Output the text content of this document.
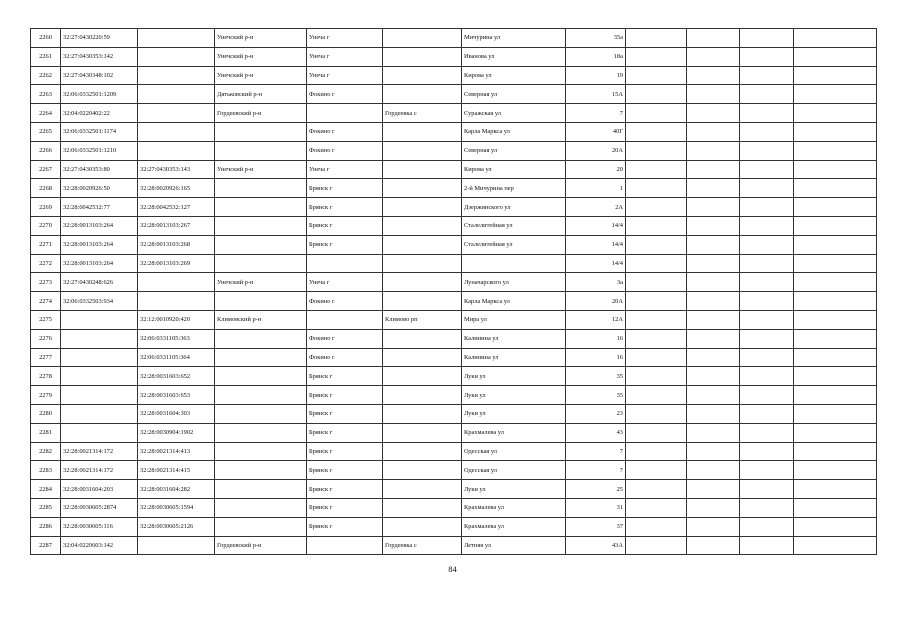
2260	32:27:0430220:59		Унечский р-н	Унеча г		Мичурина ул	35а				
2261	32:27:0430353:142		Унечский р-н	Унеча г		Иванова ул	18а				
2262	32:27:0430348:102		Унечский р-н	Унеча г		Кирова ул	19				
2263	32:06:0332501:1209		Дятьковский р-н	Фокино г		Северная ул	15А				
2264	32:04:0220402:22		Гордеевский р-н		Гордеевка с	Суражская ул	7				
2265	32:06:0332501:1174			Фокино г		Карла Маркса ул	40Г				
2266	32:06:0332501:1210			Фокино г		Северная ул	20А				
2267	32:27:0430353:80	32:27:0430353:143	Унечский р-н	Унеча г		Кирова ул	20				
2268	32:28:0020926:50	32:28:0020926:165		Брянск г		2-й Мичурина пер	1				
2269	32:28:0042532:77	32:28:0042532:127		Брянск г		Дзержинского ул	2А				
2270	32:28:0013103:264	32:28:0013103:267		Брянск г		Сталелитейная ул	14/4				
2271	32:28:0013103:264	32:28:0013103:268		Брянск г		Сталелитейная ул	14/4				
2272	32:28:0013103:264	32:28:0013103:269					14/4				
2273	32:27:0430248:626		Унечский р-н	Унеча г		Луначарского ул	3а				
2274	32:06:0332503:934			Фокино г		Карла Маркса ул	20А				
2275		32:12:0010920:420	Климовский р-н		Климово рп	Мира ул	12А				
2276		32:06:0331105:363		Фокино г		Калинина ул	16				
2277		32:06:0331105:364		Фокино г		Калинина ул	16				
2278		32:28:0031603:652		Брянск г		Луки ул	35				
2279		32:28:0031603:653		Брянск г		Луки ул	35				
2280		32:28:0031604:303		Брянск г		Луки ул	23				
2281		32:28:0030904:1902		Брянск г		Крахмалева ул	43				
2282	32:28:0021314:172	32:28:0021314:413		Брянск г		Одесская ул	7				
2283	32:28:0021314:172	32:28:0021314:415		Брянск г		Одесская ул	7				
2284	32:28:0031604:203	32:28:0031604:282		Брянск г		Луки ул	25				
2285	32:28:0030605:2874	32:28:0030605:1594		Брянск г		Крахмалева ул	31				
2286	32:28:0030605:116	32:28:0030605:2126		Брянск г		Крахмалева ул	37				
2287	32:04:0220603:142		Гордеевский р-н		Гордеевка с	Летняя ул	43А				
84
